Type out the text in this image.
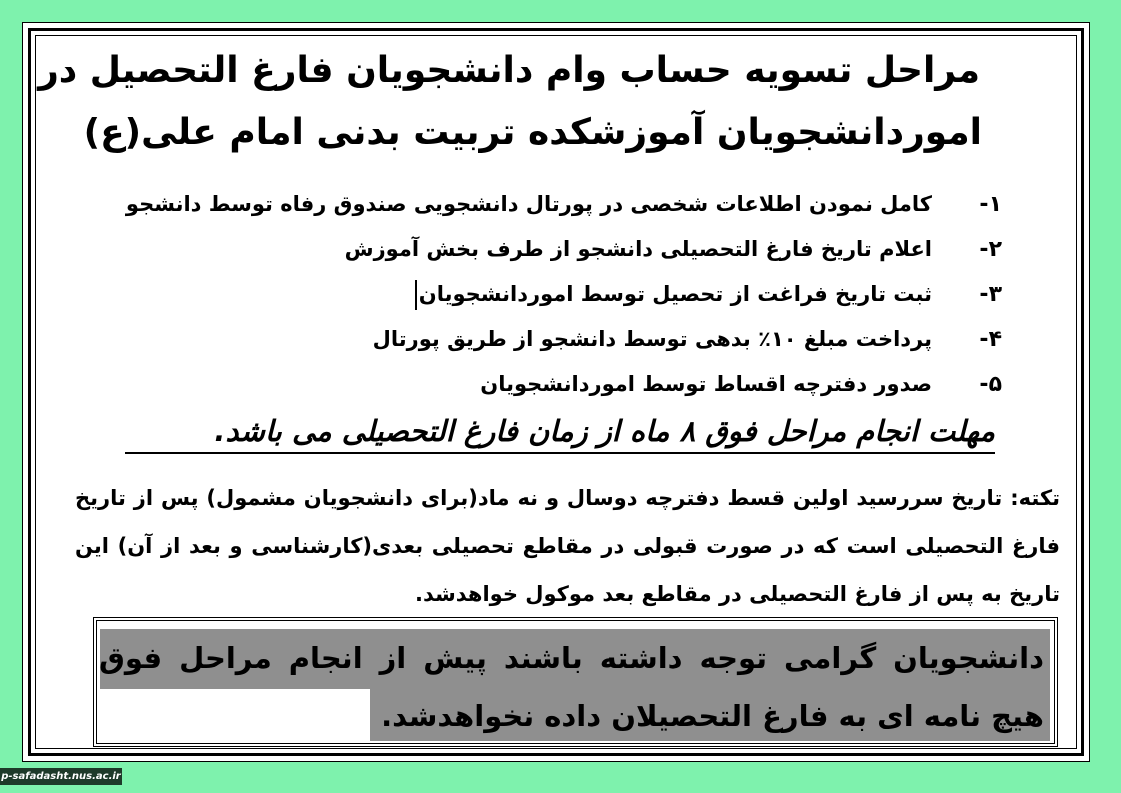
مراحل تسویه حساب وام دانشجویان فارغ التحصیل در
اموردانشجویان آموزشکده تربیت بدنی امام علی(ع)
۱-کامل نمودن اطلاعات شخصی در پورتال دانشجویی صندوق رفاه توسط دانشجو
۲-اعلام تاریخ فارغ التحصیلی دانشجو از طرف بخش آموزش
۳-ثبت تاریخ فراغت از تحصیل توسط اموردانشجویان
۴-پرداخت مبلغ ۱۰٪ بدهی توسط دانشجو از طریق پورتال
۵-صدور دفترچه اقساط توسط اموردانشجویان
مهلت انجام مراحل فوق ۸ ماه از زمان فارغ التحصیلی می باشد.
تکته: تاریخ سررسید اولین قسط دفترچه دوسال و نه ماد(برای دانشجویان مشمول) پس از تاریخ فارغ التحصیلی است که در صورت قبولی در مقاطع تحصیلی بعدی(کارشناسی و بعد از آن) این تاریخ به پس از فارغ التحصیلی در مقاطع بعد موکول خواهدشد.
دانشجویان گرامی توجه داشته باشند پیش از انجام مراحل فوق هیچ نامه ای به فارغ التحصیلان داده نخواهدشد.
p-safadasht.nus.ac.ir
